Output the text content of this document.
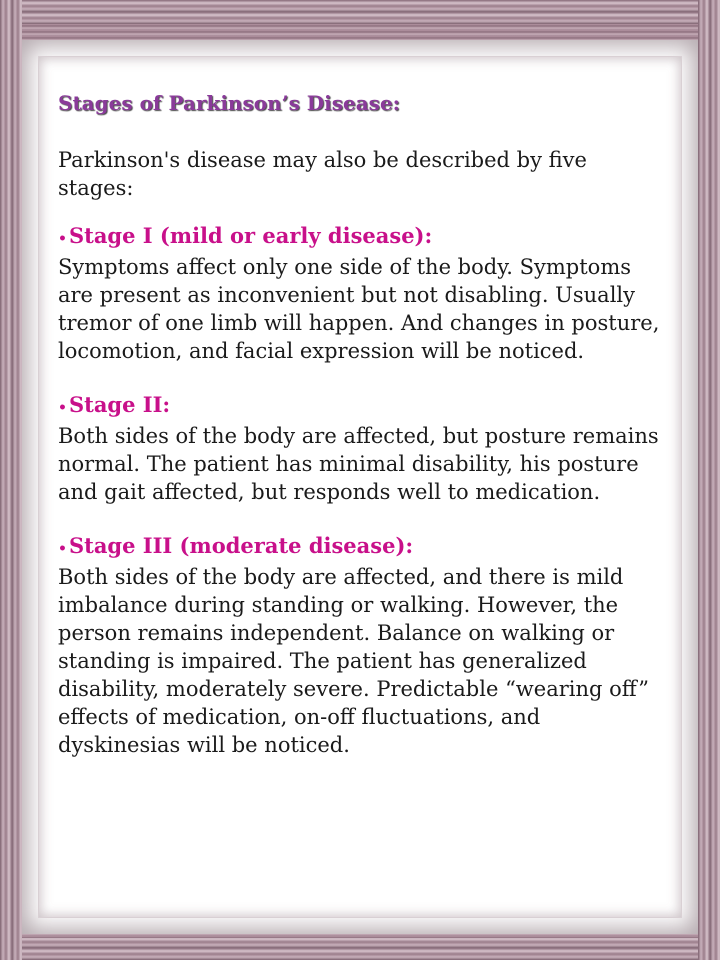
Stages of Parkinson’s Disease:

Parkinson's disease may also be described by five stages:

• Stage I (mild or early disease):

Symptoms affect only one side of the body. Symptoms are present as inconvenient but not disabling. Usually tremor of one limb will happen. And changes in posture, locomotion, and facial expression will be noticed.

• Stage II:

Both sides of the body are affected, but posture remains normal. The patient has minimal disability, his posture and gait affected, but responds well to medication.

• Stage III (moderate disease):

Both sides of the body are affected, and there is mild imbalance during standing or walking. However, the person remains independent. Balance on walking or standing is impaired. The patient has generalized disability, moderately severe. Predictable “wearing off” effects of medication, on-off fluctuations, and dyskinesias will be noticed.
